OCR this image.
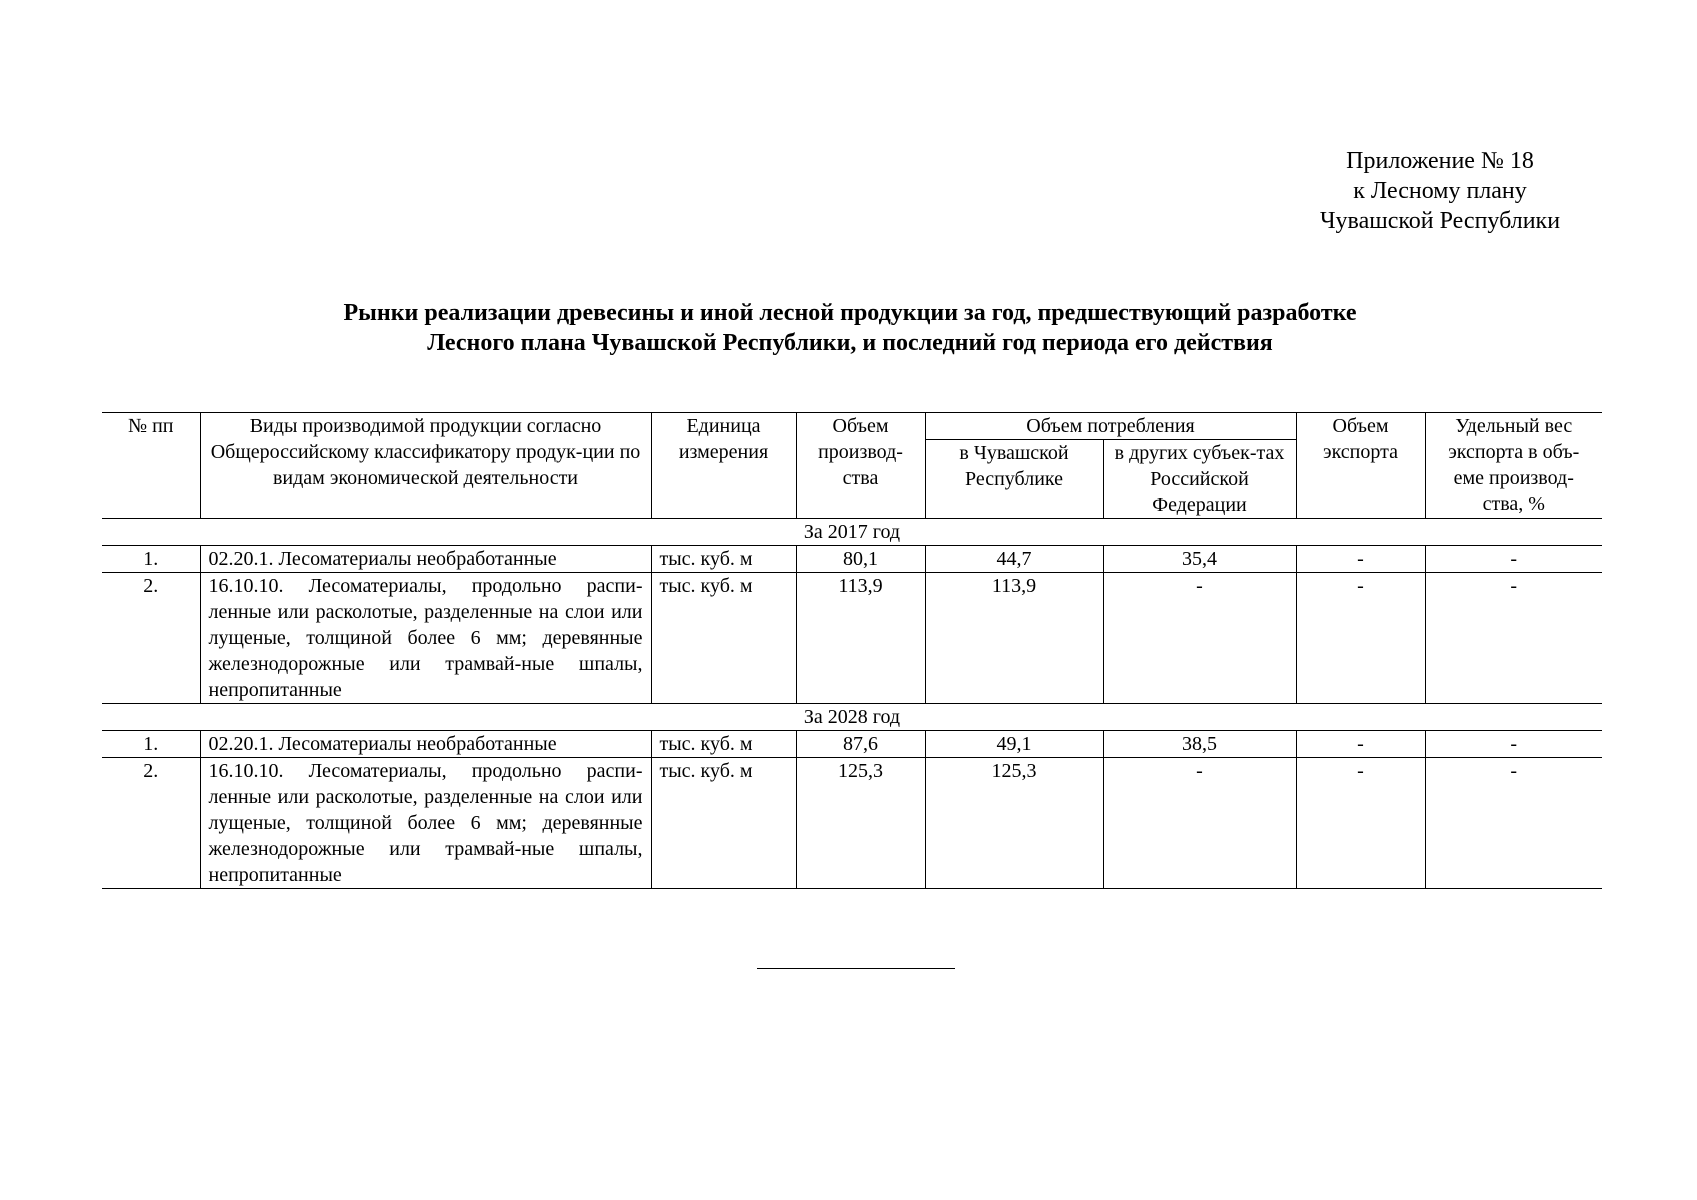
Приложение № 18
к Лесному плану
Чувашской Республики
Рынки реализации древесины и иной лесной продукции за год, предшествующий разработке
Лесного плана Чувашской Республики, и последний год периода его действия
№ пп	Виды производимой продукции согласно Общероссийскому классификатору продук-ции по видам экономической деятельности	Единица измерения	Объем производ-ства	Объем потребления		Объем экспорта	Удельный вес экспорта в объ-еме производ-ства, %
				в Чувашской Республике	в других субъек-тах Российской Федерации		
За 2017 год							
1.	02.20.1. Лесоматериалы необработанные	тыс. куб. м	80,1	44,7	35,4	-	-
2.	16.10.10. Лесоматериалы, продольно распи-ленные или расколотые, разделенные на слои или лущеные, толщиной более 6 мм; деревянные железнодорожные или трамвай-ные шпалы, непропитанные	тыс. куб. м	113,9	113,9	-	-	-
За 2028 год							
1.	02.20.1. Лесоматериалы необработанные	тыс. куб. м	87,6	49,1	38,5	-	-
2.	16.10.10. Лесоматериалы, продольно распи-ленные или расколотые, разделенные на слои или лущеные, толщиной более 6 мм; деревянные железнодорожные или трамвай-ные шпалы, непропитанные	тыс. куб. м	125,3	125,3	-	-	-
